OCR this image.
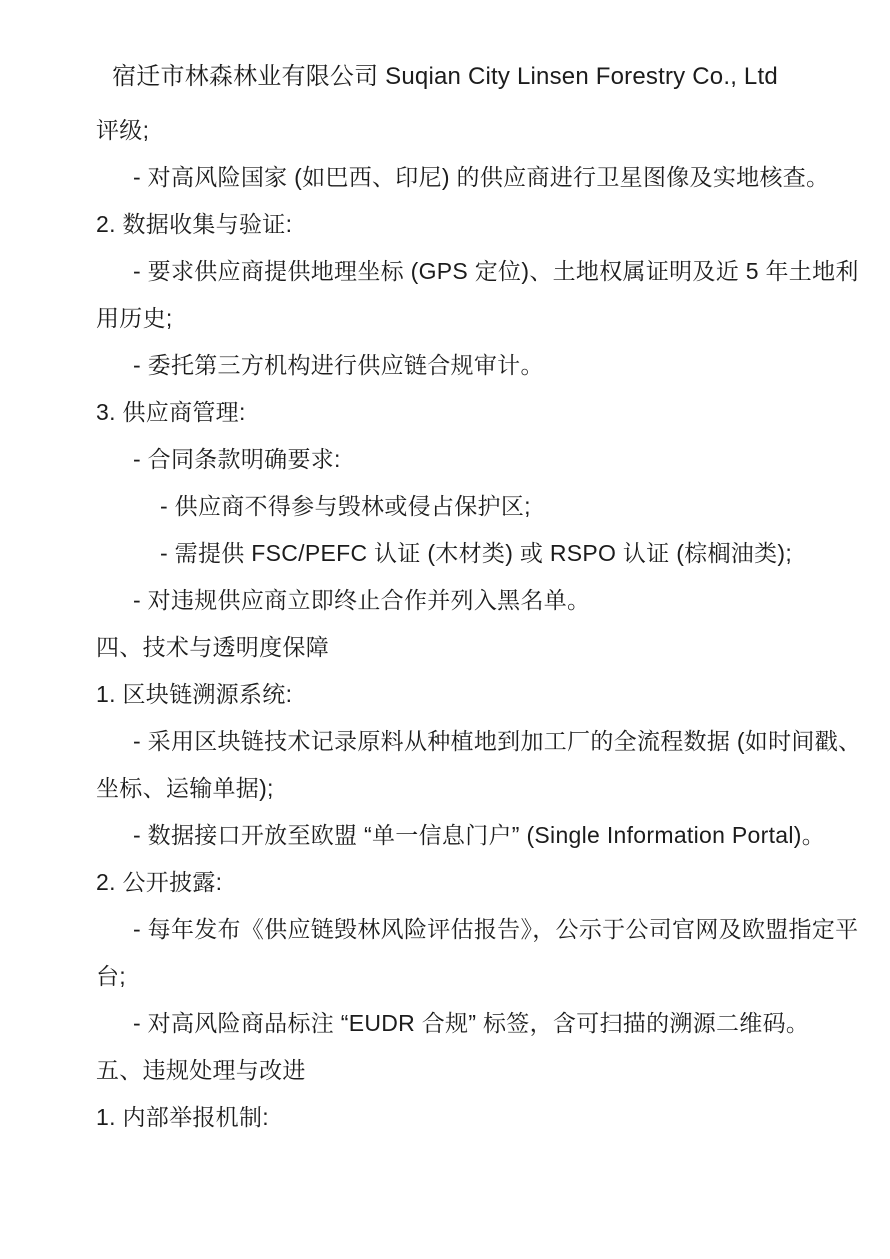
宿迁市林森林业有限公司 Suqian City Linsen Forestry Co., Ltd
评级;
- 对高风险国家 (如巴西、印尼) 的供应商进行卫星图像及实地核查。
2. 数据收集与验证:
- 要求供应商提供地理坐标 (GPS 定位)、土地权属证明及近 5 年土地利
用历史;
- 委托第三方机构进行供应链合规审计。
3. 供应商管理:
- 合同条款明确要求:
- 供应商不得参与毁林或侵占保护区;
- 需提供 FSC/PEFC 认证 (木材类) 或 RSPO 认证 (棕榈油类);
- 对违规供应商立即终止合作并列入黑名单。
四、技术与透明度保障
1. 区块链溯源系统:
- 采用区块链技术记录原料从种植地到加工厂的全流程数据 (如时间戳、
坐标、运输单据);
- 数据接口开放至欧盟 “单一信息门户” (Single Information Portal)。
2. 公开披露:
- 每年发布《供应链毁林风险评估报告》，公示于公司官网及欧盟指定平
台;
- 对高风险商品标注 “EUDR 合规” 标签，含可扫描的溯源二维码。
五、违规处理与改进
1. 内部举报机制:
